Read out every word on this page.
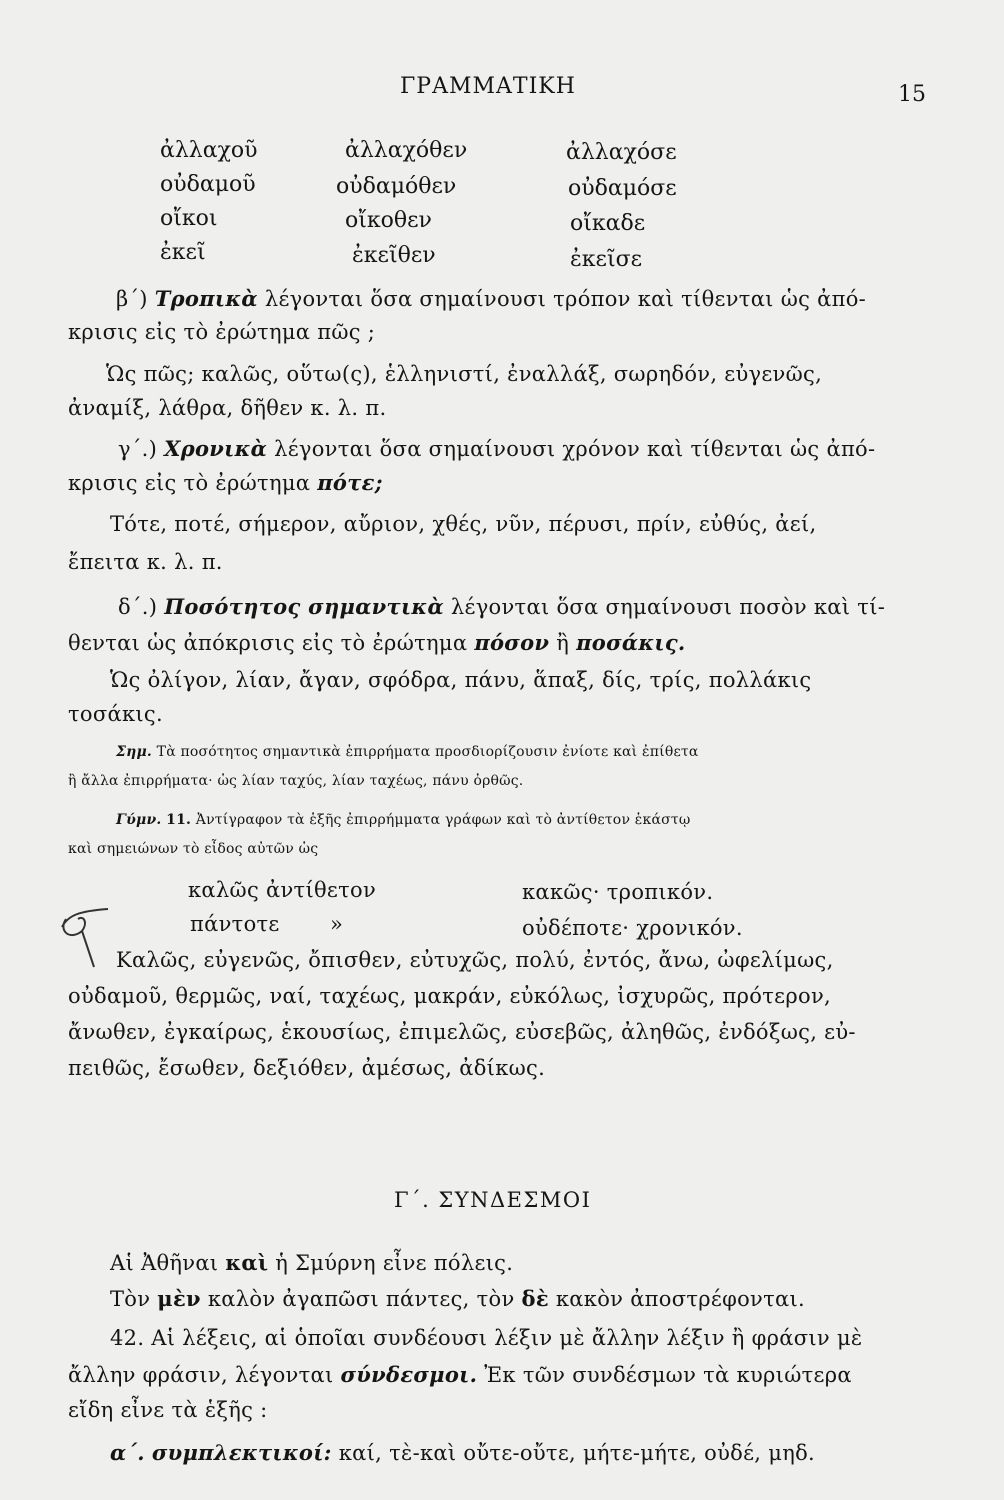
ΓΡΑΜΜΑΤΙΚΗ	15
ἀλλαχοῦ	ἀλλαχόθεν	ἀλλαχόσε
οὐδαμοῦ	οὐδαμόθεν	οὐδαμόσε
οἴκοι	οἴκοθεν	οἴκαδε
ἐκεῖ	ἐκεῖθεν	ἐκεῖσε
β΄) Τροπικὰ λέγονται ὅσα σημαίνουσι τρόπον καὶ τίθενται ὡς ἀπό-
κρισις εἰς τὸ ἐρώτημα πῶς ;
Ὡς πῶς; καλῶς, οὕτω(ς), ἑλληνιστί, ἐναλλάξ, σωρηδόν, εὐγενῶς,
ἀναμίξ, λάθρα, δῆθεν κ. λ. π.
γ΄.) Χρονικὰ λέγονται ὅσα σημαίνουσι χρόνον καὶ τίθενται ὡς ἀπό-
κρισις εἰς τὸ ἐρώτημα πότε;
Τότε, ποτέ, σήμερον, αὔριον, χθές, νῦν, πέρυσι, πρίν, εὐθύς, ἀεί,
ἔπειτα κ. λ. π.
δ΄.) Ποσότητος σημαντικὰ λέγονται ὅσα σημαίνουσι ποσὸν καὶ τί-
θενται ὡς ἀπόκρισις εἰς τὸ ἐρώτημα πόσον ἢ ποσάκις.
Ὡς ὀλίγον, λίαν, ἄγαν, σφόδρα, πάνυ, ἅπαξ, δίς, τρίς, πολλάκις
τοσάκις.
Σημ. Τὰ ποσότητος σημαντικὰ ἐπιρρήματα προσδιορίζουσιν ἐνίοτε καὶ ἐπίθετα
ἢ ἄλλα ἐπιρρήματα· ὡς λίαν ταχύς, λίαν ταχέως, πάνυ ὀρθῶς.
Γύμν. 11. Ἀντίγραφον τὰ ἑξῆς ἐπιρρήμματα γράφων καὶ τὸ ἀντίθετον ἑκάστῳ
καὶ σημειώνων τὸ εἶδος αὐτῶν ὡς
καλῶς ἀντίθετον	κακῶς· τροπικόν.
πάντοτε »	οὐδέποτε· χρονικόν.
Καλῶς, εὐγενῶς, ὄπισθεν, εὐτυχῶς, πολύ, ἐντός, ἄνω, ὠφελίμως,
οὐδαμοῦ, θερμῶς, ναί, ταχέως, μακράν, εὐκόλως, ἰσχυρῶς, πρότερον,
ἄνωθεν, ἐγκαίρως, ἑκουσίως, ἐπιμελῶς, εὐσεβῶς, ἀληθῶς, ἐνδόξως, εὐ-
πειθῶς, ἔσωθεν, δεξιόθεν, ἀμέσως, ἀδίκως.
Γ΄. ΣΥΝΔΕΣΜΟΙ
Αἱ Ἀθῆναι καὶ ἡ Σμύρνη εἶνε πόλεις.
Τὸν μὲν καλὸν ἀγαπῶσι πάντες, τὸν δὲ κακὸν ἀποστρέφονται.
42. Αἱ λέξεις, αἱ ὁποῖαι συνδέουσι λέξιν μὲ ἄλλην λέξιν ἢ φράσιν μὲ
ἄλλην φράσιν, λέγονται σύνδεσμοι. Ἐκ τῶν συνδέσμων τὰ κυριώτερα
εἴδη εἶνε τὰ ἑξῆς :
α΄. συμπλεκτικοί: καί, τὲ-καὶ οὔτε-οὔτε, μήτε-μήτε, οὐδέ, μηδ.
